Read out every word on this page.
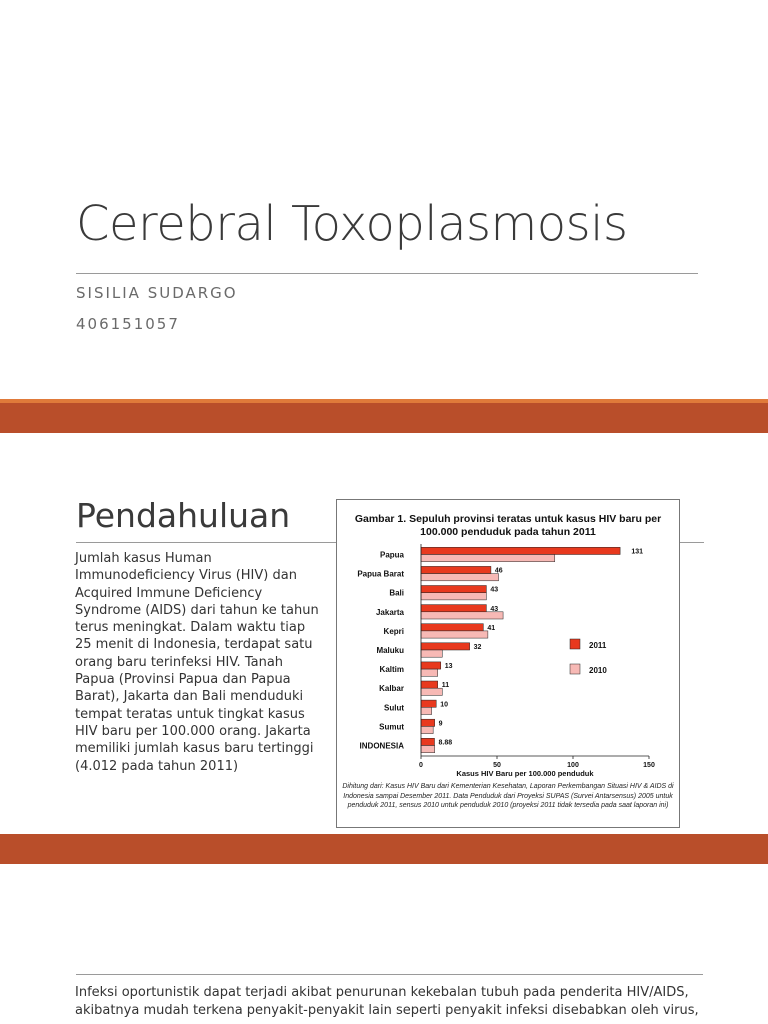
Cerebral Toxoplasmosis
SISILIA SUDARGO
406151057
Pendahuluan
Jumlah kasus Human Immunodeficiency Virus (HIV) dan Acquired Immune Deficiency Syndrome (AIDS) dari tahun ke tahun terus meningkat. Dalam waktu tiap 25 menit di Indonesia, terdapat satu orang baru terinfeksi HIV. Tanah Papua (Provinsi Papua dan Papua Barat), Jakarta dan Bali menduduki tempat teratas untuk tingkat kasus HIV baru per 100.000 orang. Jakarta memiliki jumlah kasus baru tertinggi (4.012 pada tahun 2011)
Gambar 1. Sepuluh provinsi teratas untuk kasus HIV baru per 100.000 penduduk pada tahun 2011
Papua	131
Papua Barat	46
Bali	43
Jakarta	43
Kepri	41
Maluku	32
Kaltim	13
Kalbar	11
Sulut	10
Sumut	9
INDONESIA	8.88
0	50	100	150
Kasus HIV Baru per 100.000 penduduk
2011
2010
Dihitung dari: Kasus HIV Baru dari Kementerian Kesehatan, Laporan Perkembangan Situasi HIV & AIDS di Indonesia sampai Desember 2011. Data Penduduk dari Proyeksi SUPAS (Survei Antarsensus) 2005 untuk penduduk 2011, sensus 2010 untuk penduduk 2010 (proyeksi 2011 tidak tersedia pada saat laporan ini)
Infeksi oportunistik dapat terjadi akibat penurunan kekebalan tubuh pada penderita HIV/AIDS, akibatnya mudah terkena penyakit-penyakit lain seperti penyakit infeksi disebabkan oleh virus,
